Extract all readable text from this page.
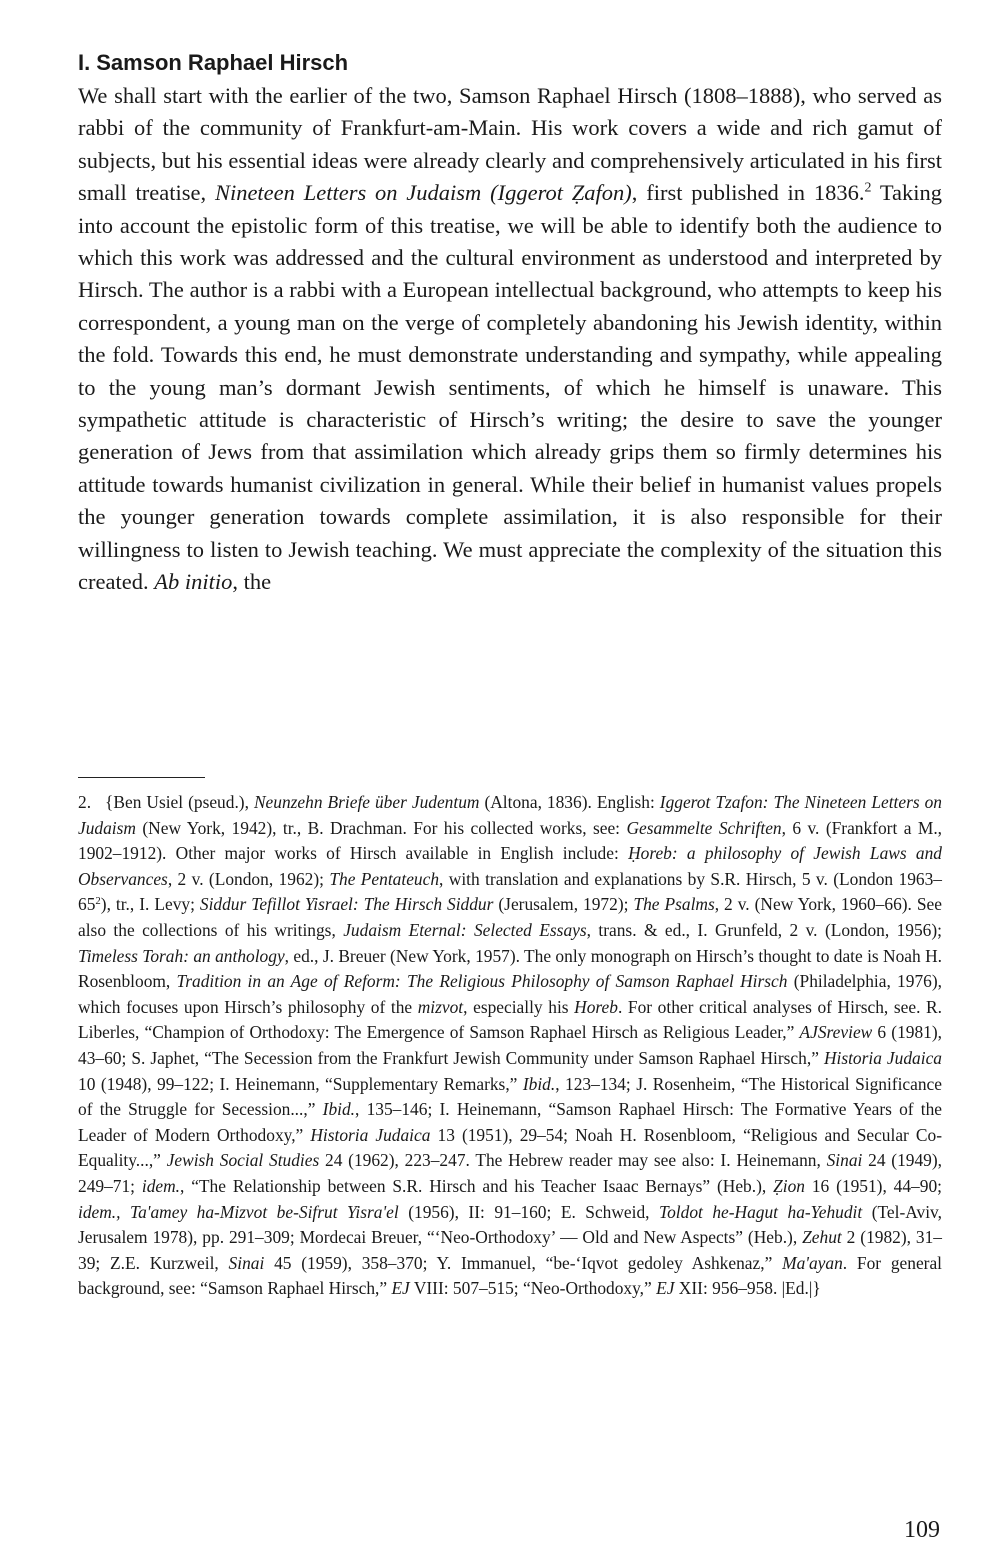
I. Samson Raphael Hirsch

We shall start with the earlier of the two, Samson Raphael Hirsch (1808–1888), who served as rabbi of the community of Frankfurt-am-Main. His work covers a wide and rich gamut of subjects, but his essential ideas were already clearly and comprehensively articulated in his first small treatise, Nineteen Letters on Judaism (Iggerot Ẓafon), first published in 1836.$^2$ Taking into account the epistolic form of this treatise, we will be able to identify both the audience to which this work was addressed and the cultural environment as understood and interpreted by Hirsch. The author is a rabbi with a European intellectual background, who attempts to keep his correspondent, a young man on the verge of completely abandoning his Jewish identity, within the fold. Towards this end, he must demonstrate understanding and sympathy, while appealing to the young man’s dormant Jewish sentiments, of which he himself is unaware. This sympathetic attitude is characteristic of Hirsch’s writing; the desire to save the younger generation of Jews from that assimilation which already grips them so firmly determines his attitude towards humanist civilization in general. While their belief in humanist values propels the younger generation towards complete assimilation, it is also responsible for their willingness to listen to Jewish teaching. We must appreciate the complexity of the situation this created. Ab initio, the

2. {Ben Usiel (pseud.), Neunzehn Briefe über Judentum (Altona, 1836). English: Iggerot Tzafon: The Nineteen Letters on Judaism (New York, 1942), tr., B. Drachman. For his collected works, see: Gesammelte Schriften, 6 v. (Frankfort a M., 1902–1912). Other major works of Hirsch available in English include: Ḥoreb: a philosophy of Jewish Laws and Observances, 2 v. (London, 1962); The Pentateuch, with translation and explanations by S.R. Hirsch, 5 v. (London 1963–65$^2$), tr., I. Levy; Siddur Tefillot Yisrael: The Hirsch Siddur (Jerusalem, 1972); The Psalms, 2 v. (New York, 1960–66). See also the collections of his writings, Judaism Eternal: Selected Essays, trans. & ed., I. Grunfeld, 2 v. (London, 1956); Timeless Torah: an anthology, ed., J. Breuer (New York, 1957). The only monograph on Hirsch’s thought to date is Noah H. Rosenbloom, Tradition in an Age of Reform: The Religious Philosophy of Samson Raphael Hirsch (Philadelphia, 1976), which focuses upon Hirsch’s philosophy of the mizvot, especially his Horeb. For other critical analyses of Hirsch, see. R. Liberles, “Champion of Orthodoxy: The Emergence of Samson Raphael Hirsch as Religious Leader,” AJSreview 6 (1981), 43–60; S. Japhet, “The Secession from the Frankfurt Jewish Community under Samson Raphael Hirsch,” Historia Judaica 10 (1948), 99–122; I. Heinemann, “Supplementary Remarks,” Ibid., 123–134; J. Rosenheim, “The Historical Significance of the Struggle for Secession...,” Ibid., 135–146; I. Heinemann, “Samson Raphael Hirsch: The Formative Years of the Leader of Modern Orthodoxy,” Historia Judaica 13 (1951), 29–54; Noah H. Rosenbloom, “Religious and Secular Co-Equality...,” Jewish Social Studies 24 (1962), 223–247. The Hebrew reader may see also: I. Heinemann, Sinai 24 (1949), 249–71; idem., “The Relationship between S.R. Hirsch and his Teacher Isaac Bernays” (Heb.), Ẓion 16 (1951), 44–90; idem., Ta'amey ha-Mizvot be-Sifrut Yisra'el (1956), II: 91–160; E. Schweid, Toldot he-Hagut ha-Yehudit (Tel-Aviv, Jerusalem 1978), pp. 291–309; Mordecai Breuer, “‘Neo-Orthodoxy’ — Old and New Aspects” (Heb.), Zehut 2 (1982), 31–39; Z.E. Kurzweil, Sinai 45 (1959), 358–370; Y. Immanuel, “be-‘Iqvot gedoley Ashkenaz,” Ma'ayan. For general background, see: “Samson Raphael Hirsch,” EJ VIII: 507–515; “Neo-Orthodoxy,” EJ XII: 956–958. |Ed.|}

109
